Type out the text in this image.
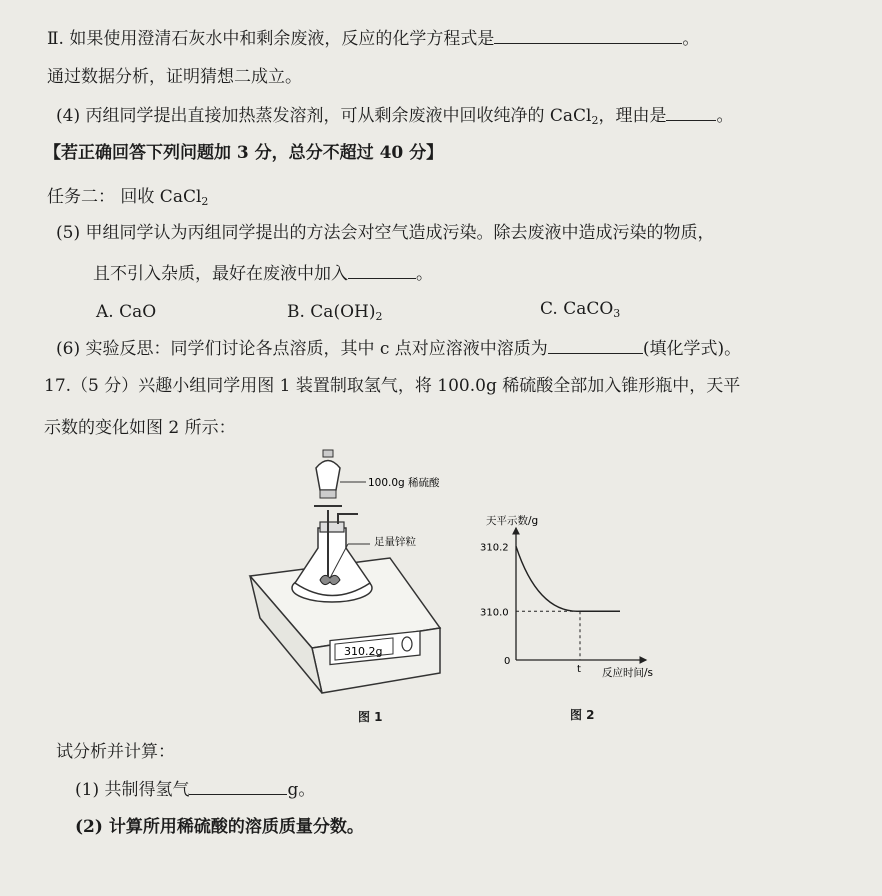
Ⅱ. 如果使用澄清石灰水中和剩余废液，反应的化学方程式是	。
通过数据分析，证明猜想二成立。
(4) 丙组同学提出直接加热蒸发溶剂，可从剩余废液中回收纯净的 CaCl$_2$，理由是	。
【若正确回答下列问题加 3 分，总分不超过 40 分】
任务二： 回收 CaCl$_2$
(5) 甲组同学认为丙组同学提出的方法会对空气造成污染。除去废液中造成污染的物质，
且不引入杂质，最好在废液中加入	。
A. CaO	B. $Ca(OH)_2$	C. CaCO$_3$
(6) 实验反思：同学们讨论各点溶质，其中 c 点对应溶液中溶质为	(填化学式)。
17.（5 分）兴趣小组同学用图 1 装置制取氢气，将 100.0g 稀硫酸全部加入锥形瓶中，天平
示数的变化如图 2 所示：
100.0g 稀硫酸
足量锌粒
310.2g
图 1
天平示数/g
反应时间/s
310.2
310.0
0
t
图 2
试分析并计算：
(1) 共制得氢气	g。
(2) 计算所用稀硫酸的溶质质量分数。
